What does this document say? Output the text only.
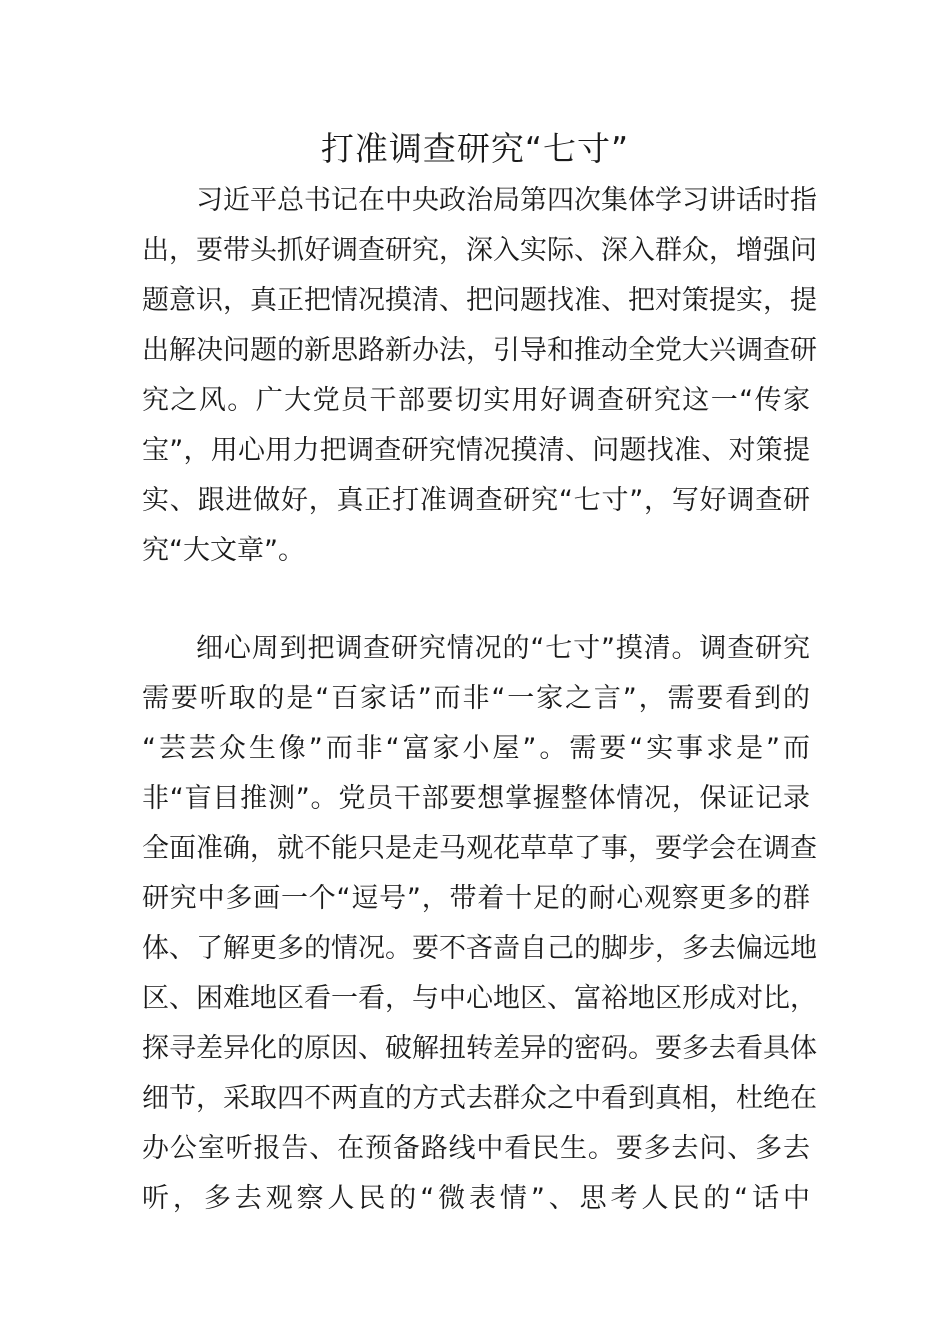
打准调查研究“七寸”
习近平总书记在中央政治局第四次集体学习讲话时指
出，要带头抓好调查研究，深入实际、深入群众，增强问
题意识，真正把情况摸清、把问题找准、把对策提实，提
出解决问题的新思路新办法，引导和推动全党大兴调查研
究之风。广大党员干部要切实用好调查研究这一“传家
宝”，用心用力把调查研究情况摸清、问题找准、对策提
实、跟进做好，真正打准调查研究“七寸”，写好调查研
究“大文章”。
细心周到把调查研究情况的“七寸”摸清。调查研究
需要听取的是“百家话”而非“一家之言”，需要看到的
“芸芸众生像”而非“富家小屋”。需要“实事求是”而
非“盲目推测”。党员干部要想掌握整体情况，保证记录
全面准确，就不能只是走马观花草草了事，要学会在调查
研究中多画一个“逗号”，带着十足的耐心观察更多的群
体、了解更多的情况。要不吝啬自己的脚步，多去偏远地
区、困难地区看一看，与中心地区、富裕地区形成对比，
探寻差异化的原因、破解扭转差异的密码。要多去看具体
细节，采取四不两直的方式去群众之中看到真相，杜绝在
办公室听报告、在预备路线中看民生。要多去问、多去
听，多去观察人民的“微表情”、思考人民的“话中
